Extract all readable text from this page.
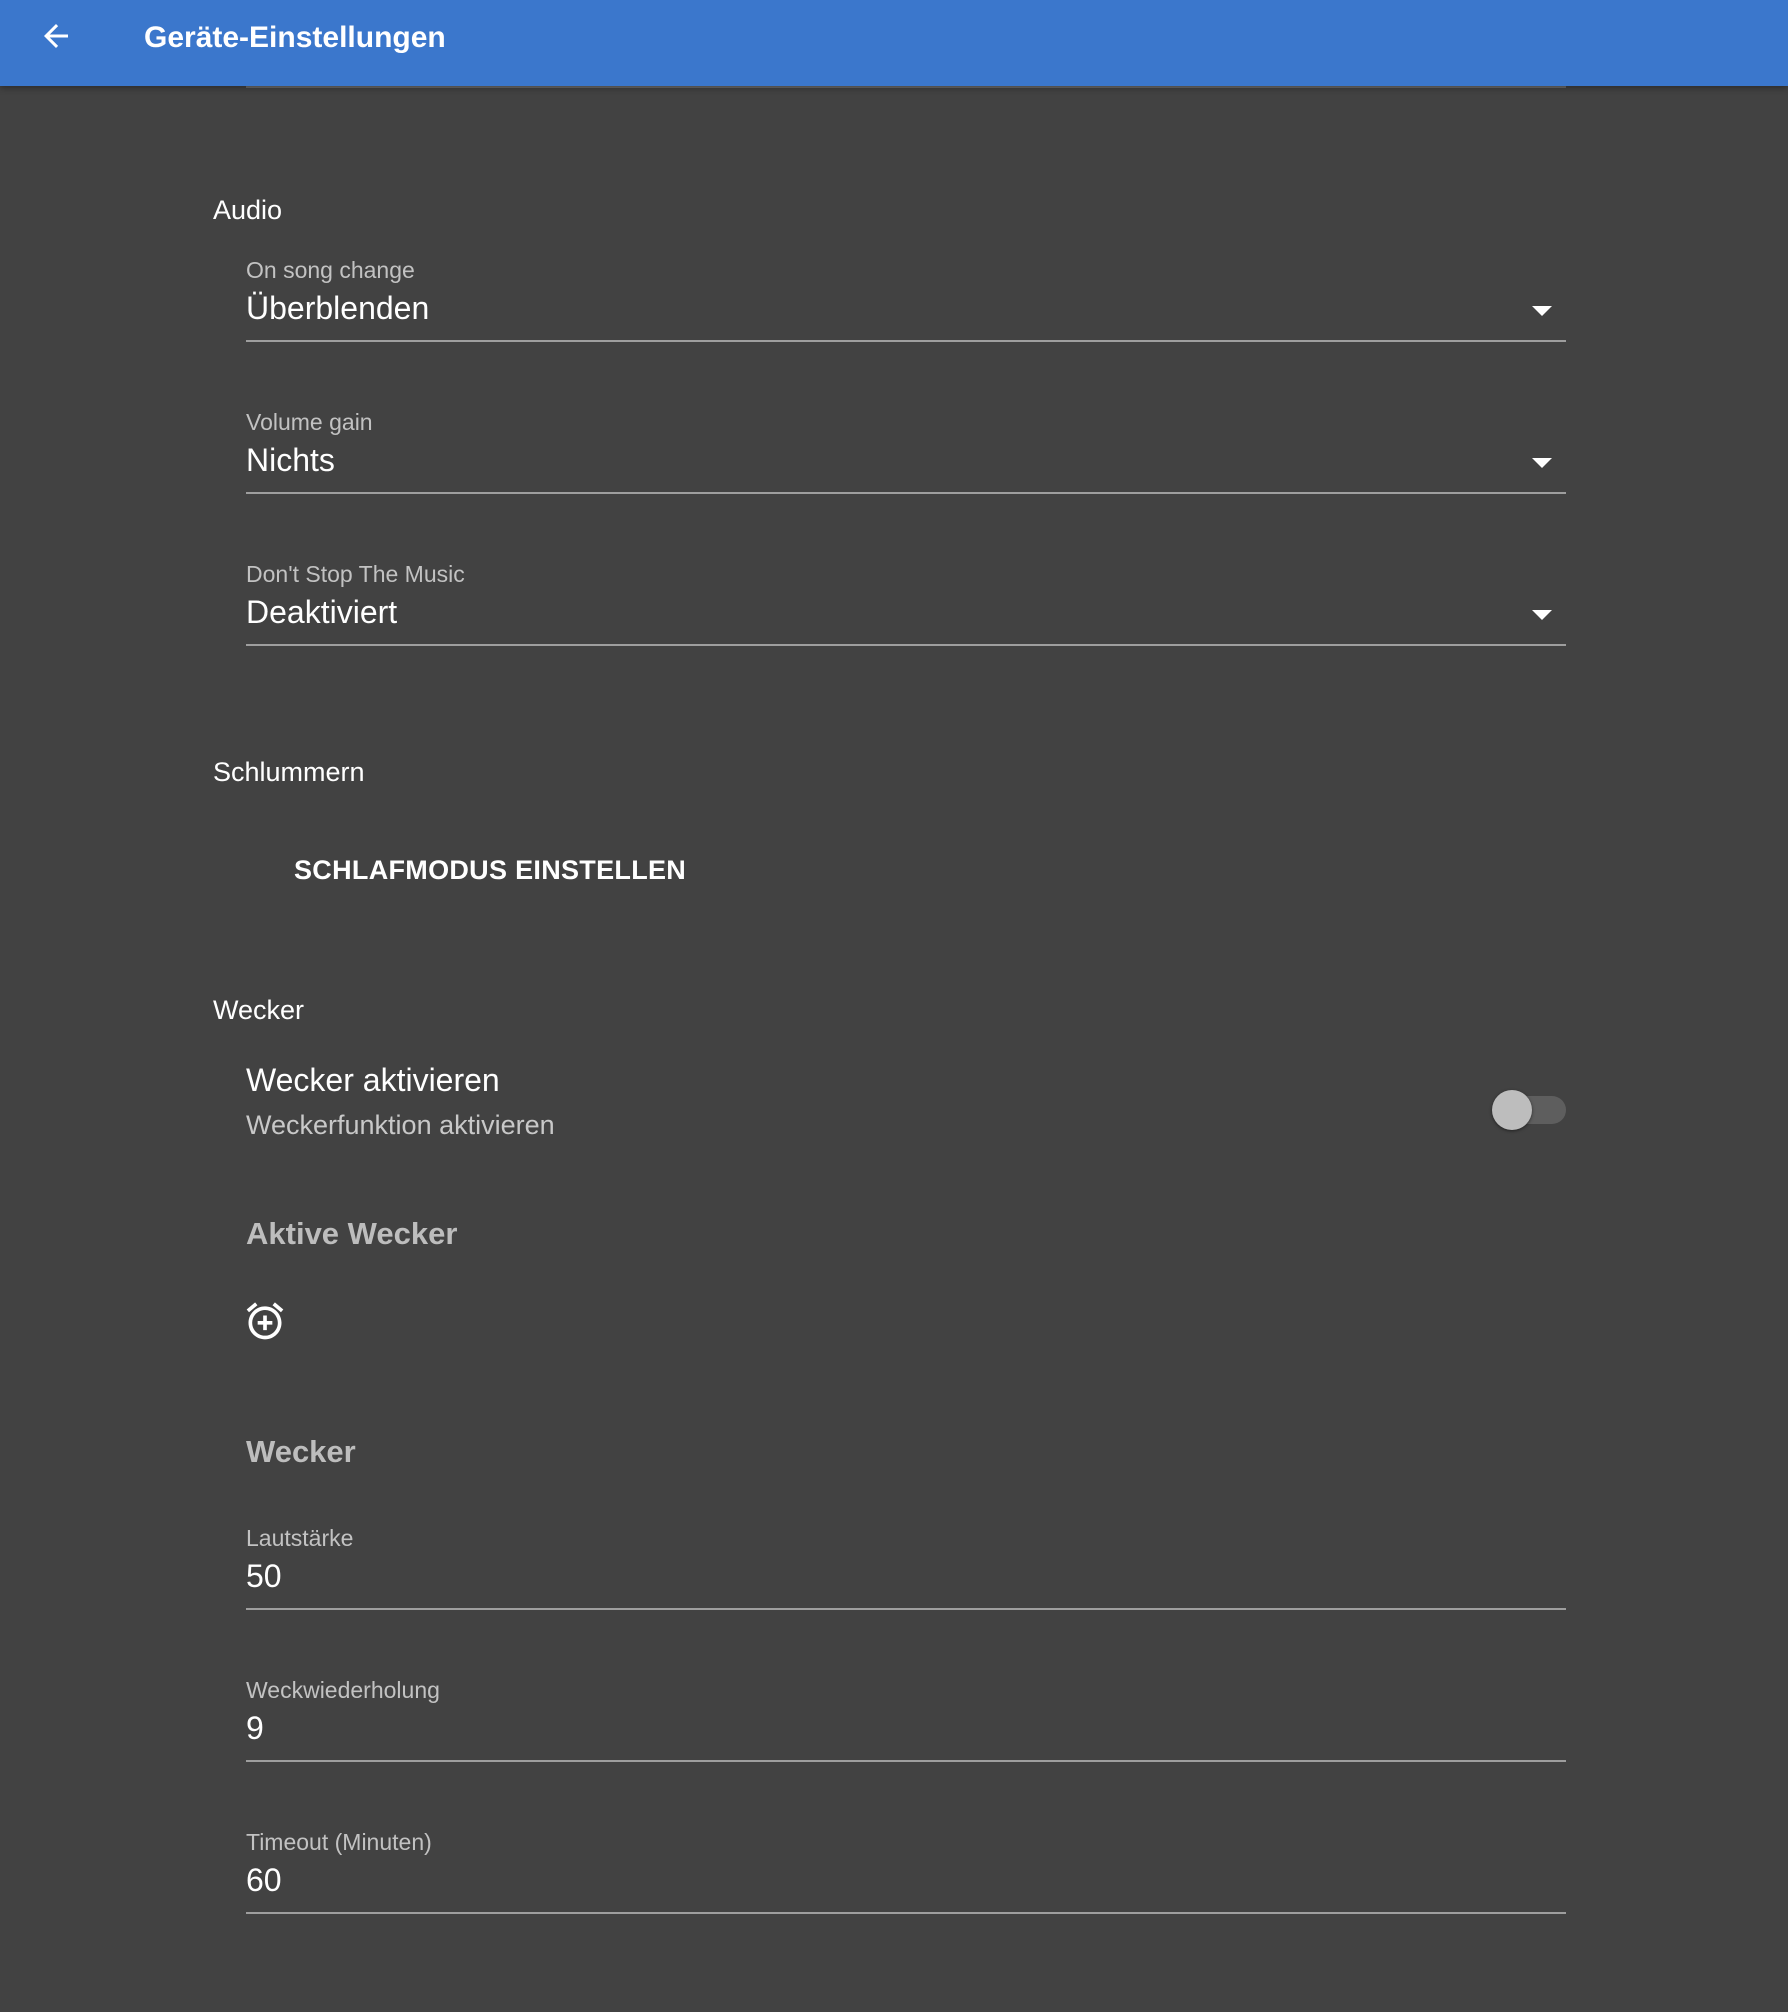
Geräte-Einstellungen
Audio
On song change
Überblenden
Volume gain
Nichts
Don't Stop The Music
Deaktiviert
Schlummern
SCHLAFMODUS EINSTELLEN
Wecker
Wecker aktivieren
Weckerfunktion aktivieren
Aktive Wecker
Wecker
Lautstärke
50
Weckwiederholung
9
Timeout (Minuten)
60
